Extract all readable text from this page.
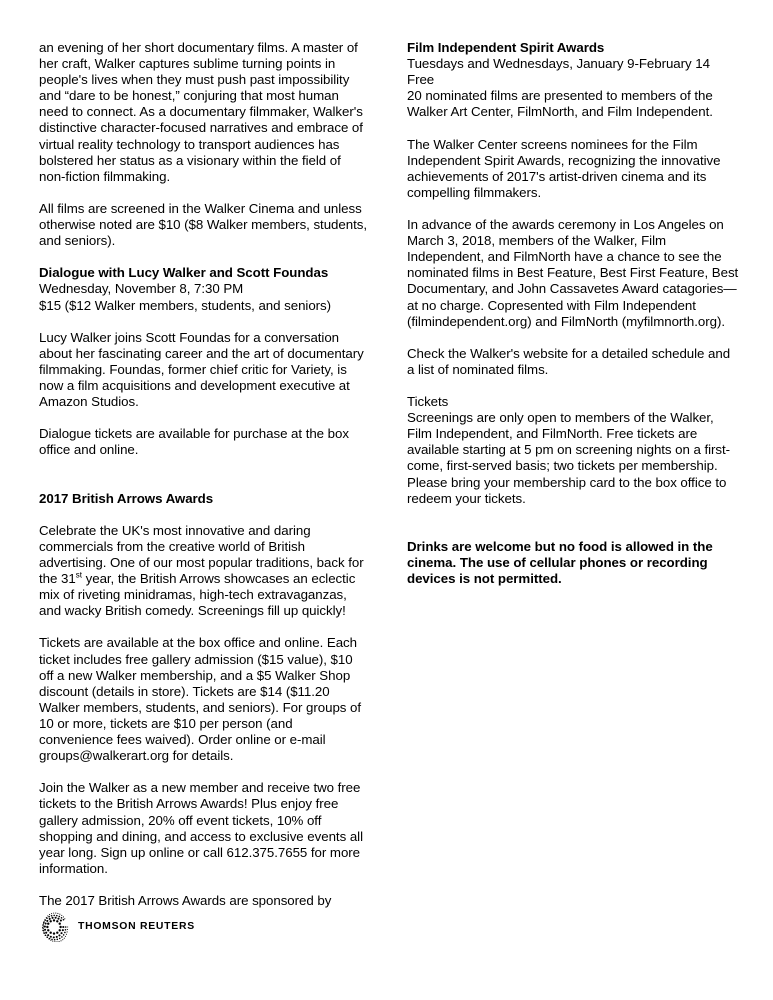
an evening of her short documentary films. A master of her craft, Walker captures sublime turning points in people's lives when they must push past impossibility and “dare to be honest,” conjuring that most human need to connect. As a documentary filmmaker, Walker's distinctive character-focused narratives and embrace of virtual reality technology to transport audiences has bolstered her status as a visionary within the field of non-fiction filmmaking.

All films are screened in the Walker Cinema and unless otherwise noted are $10 ($8 Walker members, students, and seniors).

Dialogue with Lucy Walker and Scott Foundas
Wednesday, November 8, 7:30 PM
$15 ($12 Walker members, students, and seniors)

Lucy Walker joins Scott Foundas for a conversation about her fascinating career and the art of documentary filmmaking. Foundas, former chief critic for Variety, is now a film acquisitions and development executive at Amazon Studios.

Dialogue tickets are available for purchase at the box office and online.

2017 British Arrows Awards

Celebrate the UK's most innovative and daring commercials from the creative world of British advertising. One of our most popular traditions, back for the 31st year, the British Arrows showcases an eclectic mix of riveting minidramas, high-tech extravaganzas, and wacky British comedy. Screenings fill up quickly!

Tickets are available at the box office and online. Each ticket includes free gallery admission ($15 value), $10 off a new Walker membership, and a $5 Walker Shop discount (details in store). Tickets are $14 ($11.20 Walker members, students, and seniors). For groups of 10 or more, tickets are $10 per person (and convenience fees waived). Order online or e-mail groups@walkerart.org for details.

Join the Walker as a new member and receive two free tickets to the British Arrows Awards! Plus enjoy free gallery admission, 20% off event tickets, 10% off shopping and dining, and access to exclusive events all year long. Sign up online or call 612.375.7655 for more information.

The 2017 British Arrows Awards are sponsored by

THOMSON REUTERS
Film Independent Spirit Awards
Tuesdays and Wednesdays, January 9-February 14
Free
20 nominated films are presented to members of the Walker Art Center, FilmNorth, and Film Independent.

The Walker Center screens nominees for the Film Independent Spirit Awards, recognizing the innovative achievements of 2017's artist-driven cinema and its compelling filmmakers.

In advance of the awards ceremony in Los Angeles on March 3, 2018, members of the Walker, Film Independent, and FilmNorth have a chance to see the nominated films in Best Feature, Best First Feature, Best Documentary, and John Cassavetes Award catagories—at no charge. Copresented with Film Independent (filmindependent.org) and FilmNorth (myfilmnorth.org).

Check the Walker's website for a detailed schedule and a list of nominated films.

Tickets
Screenings are only open to members of the Walker, Film Independent, and FilmNorth. Free tickets are available starting at 5 pm on screening nights on a first-come, first-served basis; two tickets per membership. Please bring your membership card to the box office to redeem your tickets.

Drinks are welcome but no food is allowed in the cinema. The use of cellular phones or recording devices is not permitted.
